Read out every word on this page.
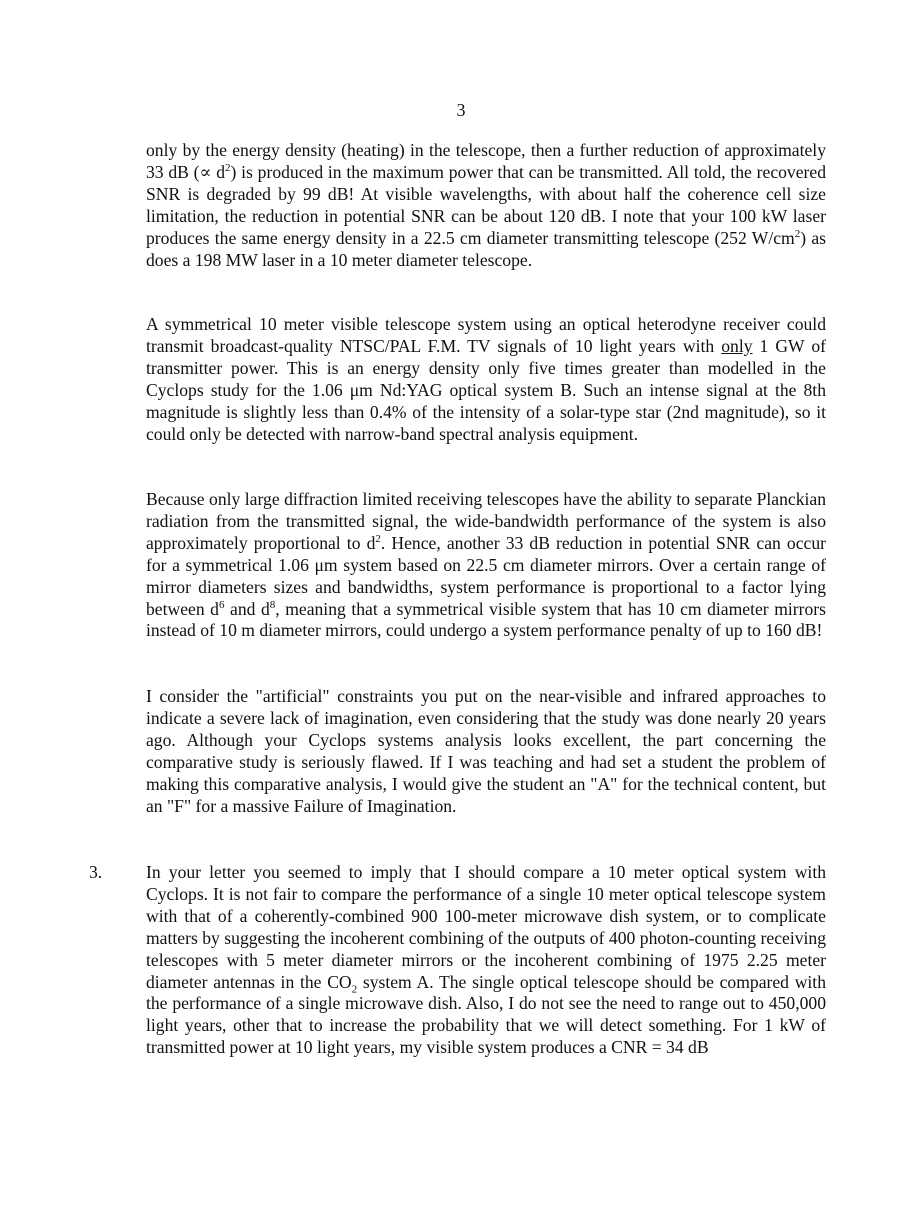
3

only by the energy density (heating) in the telescope, then a further reduction of approximately 33 dB (∝ $d^2$) is produced in the maximum power that can be transmitted. All told, the recovered SNR is degraded by 99 dB! At visible wavelengths, with about half the coherence cell size limitation, the reduction in potential SNR can be about 120 dB. I note that your 100 kW laser produces the same energy density in a 22.5 cm diameter transmitting telescope (252 $W/cm^2$) as does a 198 MW laser in a 10 meter diameter telescope.

A symmetrical 10 meter visible telescope system using an optical heterodyne receiver could transmit broadcast-quality NTSC/PAL F.M. TV signals of 10 light years with only 1 GW of transmitter power. This is an energy density only five times greater than modelled in the Cyclops study for the 1.06 μm Nd:YAG optical system B. Such an intense signal at the 8th magnitude is slightly less than 0.4% of the intensity of a solar-type star (2nd magnitude), so it could only be detected with narrow-band spectral analysis equipment.

Because only large diffraction limited receiving telescopes have the ability to separate Planckian radiation from the transmitted signal, the wide-bandwidth performance of the system is also approximately proportional to $d^2$. Hence, another 33 dB reduction in potential SNR can occur for a symmetrical 1.06 μm system based on 22.5 cm diameter mirrors. Over a certain range of mirror diameters sizes and bandwidths, system performance is proportional to a factor lying between $d^6$ and $d^8$, meaning that a symmetrical visible system that has 10 cm diameter mirrors instead of 10 m diameter mirrors, could undergo a system performance penalty of up to 160 dB!

I consider the "artificial" constraints you put on the near-visible and infrared approaches to indicate a severe lack of imagination, even considering that the study was done nearly 20 years ago. Although your Cyclops systems analysis looks excellent, the part concerning the comparative study is seriously flawed. If I was teaching and had set a student the problem of making this comparative analysis, I would give the student an "A" for the technical content, but an "F" for a massive Failure of Imagination.

3. In your letter you seemed to imply that I should compare a 10 meter optical system with Cyclops. It is not fair to compare the performance of a single 10 meter optical telescope system with that of a coherently-combined 900 100-meter microwave dish system, or to complicate matters by suggesting the incoherent combining of the outputs of 400 photon-counting receiving telescopes with 5 meter diameter mirrors or the incoherent combining of 1975 2.25 meter diameter antennas in the $CO_2$ system A. The single optical telescope should be compared with the performance of a single microwave dish. Also, I do not see the need to range out to 450,000 light years, other that to increase the probability that we will detect something. For 1 kW of transmitted power at 10 light years, my visible system produces a CNR = 34 dB
